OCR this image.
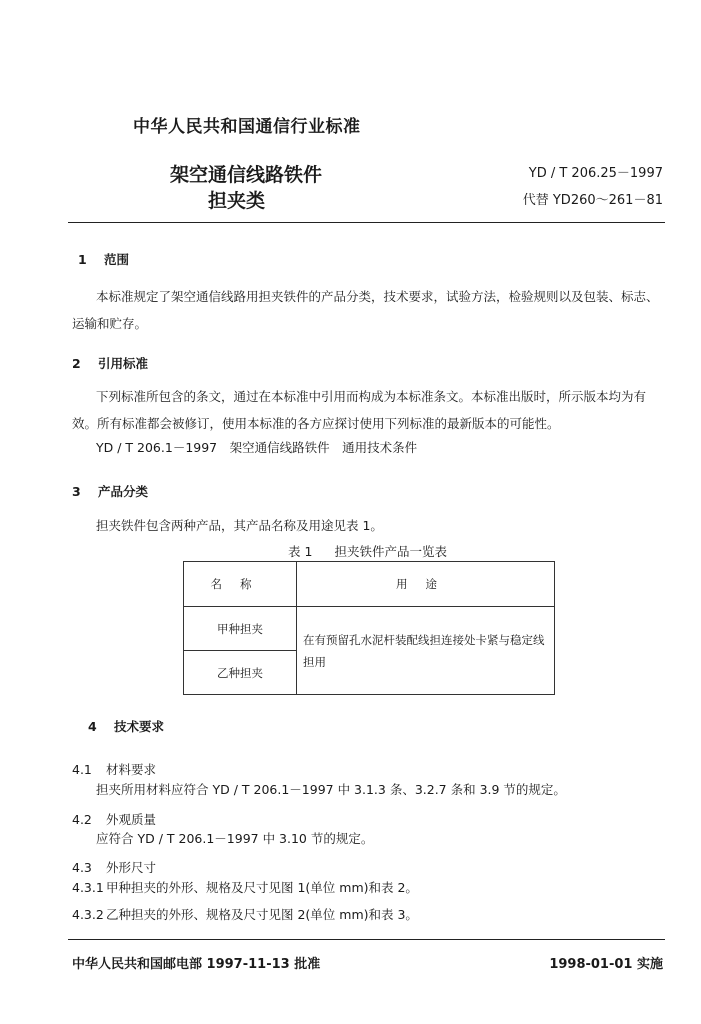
中华人民共和国通信行业标准
架空通信线路铁件
担夹类
YD / T 206.25－1997
代替 YD260～261－81
1 范围
本标准规定了架空通信线路用担夹铁件的产品分类，技术要求，试验方法，检验规则以及包装、标志、运输和贮存。
2 引用标准
下列标准所包含的条文，通过在本标准中引用而构成为本标准条文。本标准出版时，所示版本均为有效。所有标准都会被修订，使用本标准的各方应探讨使用下列标准的最新版本的可能性。
YD / T 206.1－1997　架空通信线路铁件　通用技术条件
3 产品分类
担夹铁件包含两种产品，其产品名称及用途见表 1。
表 1 担夹铁件产品一览表
名称	用途
甲种担夹	在有预留孔水泥杆装配线担连接处卡紧与稳定线担用
乙种担夹	
4 技术要求
4.1 材料要求
担夹所用材料应符合 YD / T 206.1－1997 中 3.1.3 条、3.2.7 条和 3.9 节的规定。
4.2 外观质量
应符合 YD / T 206.1－1997 中 3.10 节的规定。
4.3 外形尺寸
4.3.1 甲种担夹的外形、规格及尺寸见图 1(单位 mm)和表 2。
4.3.2 乙种担夹的外形、规格及尺寸见图 2(单位 mm)和表 3。
中华人民共和国邮电部 1997-11-13 批准	1998-01-01 实施
